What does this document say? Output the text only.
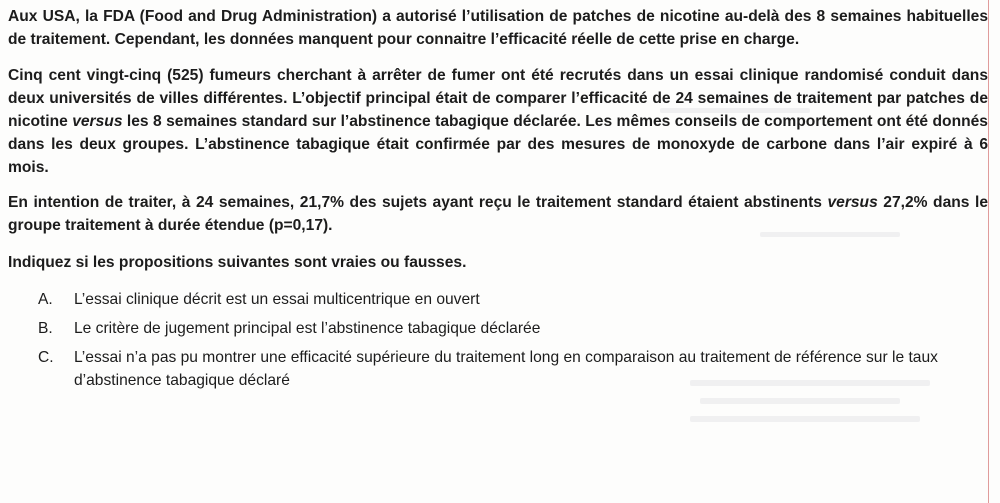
Aux USA, la FDA (Food and Drug Administration) a autorisé l’utilisation de patches de nicotine au-delà des 8 semaines habituelles de traitement. Cependant, les données manquent pour connaitre l’efficacité réelle de cette prise en charge.

Cinq cent vingt-cinq (525) fumeurs cherchant à arrêter de fumer ont été recrutés dans un essai clinique randomisé conduit dans deux universités de villes différentes. L’objectif principal était de comparer l’efficacité de 24 semaines de traitement par patches de nicotine versus les 8 semaines standard sur l’abstinence tabagique déclarée. Les mêmes conseils de comportement ont été donnés dans les deux groupes. L’abstinence tabagique était confirmée par des mesures de monoxyde de carbone dans l’air expiré à 6 mois.

En intention de traiter, à 24 semaines, 21,7% des sujets ayant reçu le traitement standard étaient abstinents versus 27,2% dans le groupe traitement à durée étendue (p=0,17).

Indiquez si les propositions suivantes sont vraies ou fausses.

A. L’essai clinique décrit est un essai multicentrique en ouvert
B. Le critère de jugement principal est l’abstinence tabagique déclarée
C. L’essai n’a pas pu montrer une efficacité supérieure du traitement long en comparaison au traitement de référence sur le taux d’abstinence tabagique déclaré
